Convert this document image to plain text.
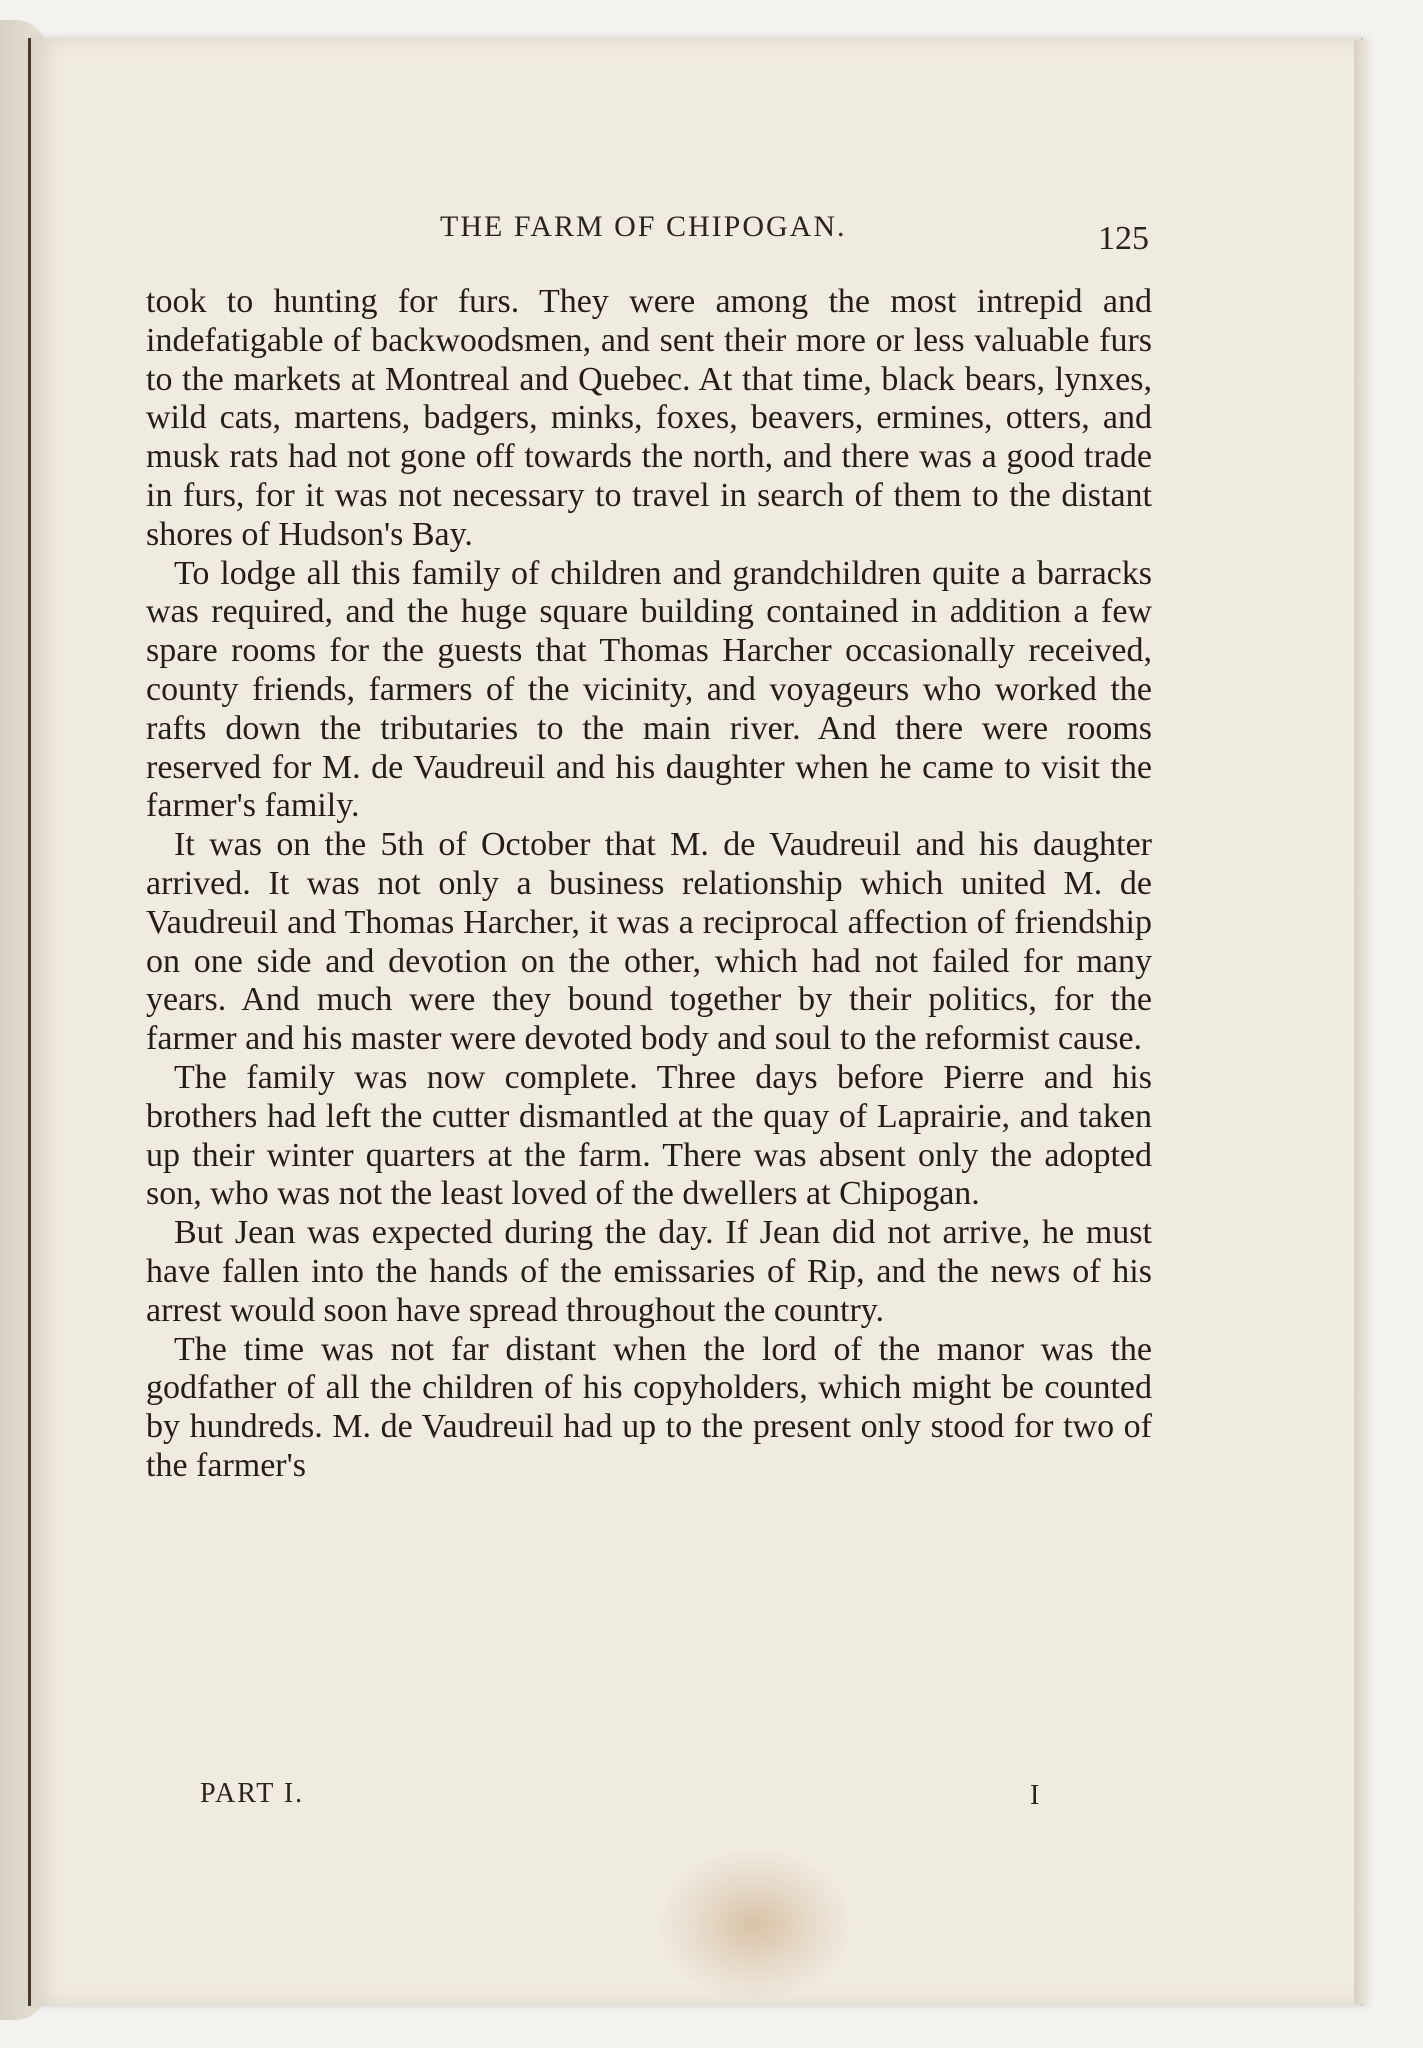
THE FARM OF CHIPOGAN.	125

took to hunting for furs. They were among the most intrepid and indefatigable of backwoodsmen, and sent their more or less valuable furs to the markets at Montreal and Quebec. At that time, black bears, lynxes, wild cats, martens, badgers, minks, foxes, beavers, ermines, otters, and musk rats had not gone off towards the north, and there was a good trade in furs, for it was not necessary to travel in search of them to the distant shores of Hudson's Bay.

To lodge all this family of children and grandchildren quite a barracks was required, and the huge square building contained in addition a few spare rooms for the guests that Thomas Harcher occasionally received, county friends, farmers of the vicinity, and voyageurs who worked the rafts down the tributaries to the main river. And there were rooms reserved for M. de Vaudreuil and his daughter when he came to visit the farmer's family.

It was on the 5th of October that M. de Vaudreuil and his daughter arrived. It was not only a business relationship which united M. de Vaudreuil and Thomas Harcher, it was a reciprocal affection of friendship on one side and devotion on the other, which had not failed for many years. And much were they bound together by their politics, for the farmer and his master were devoted body and soul to the reformist cause.

The family was now complete. Three days before Pierre and his brothers had left the cutter dismantled at the quay of Laprairie, and taken up their winter quarters at the farm. There was absent only the adopted son, who was not the least loved of the dwellers at Chipogan.

But Jean was expected during the day. If Jean did not arrive, he must have fallen into the hands of the emissaries of Rip, and the news of his arrest would soon have spread throughout the country.

The time was not far distant when the lord of the manor was the godfather of all the children of his copyholders, which might be counted by hundreds. M. de Vaudreuil had up to the present only stood for two of the farmer's

PART I.	I
